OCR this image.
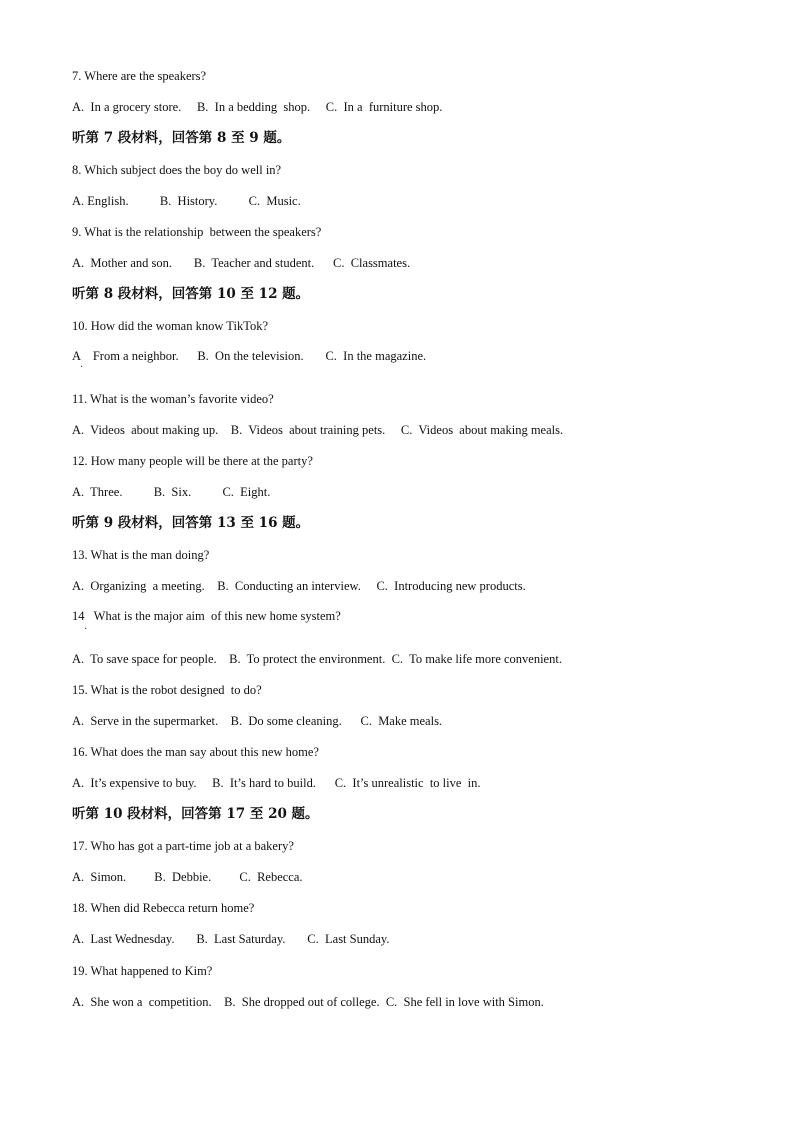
7. Where are the speakers?
A.  In a grocery store.     B.  In a bedding  shop.     C.  In a  furniture shop.
听第 7 段材料，回答第 8 至 9 题。
8. Which subject does the boy do well in?
A. English.          B.  History.          C.  Music.
9. What is the relationship  between the speakers?
A.  Mother and son.       B.  Teacher and student.      C.  Classmates.
听第 8 段材料，回答第 10 至 12 题。
10. How did the woman know TikTok?
A    From a neighbor.      B.  On the television.       C.  In the magazine.
·
11. What is the woman’s favorite video?
A.  Videos  about making up.    B.  Videos  about training pets.     C.  Videos  about making meals.
12. How many people will be there at the party?
A.  Three.          B.  Six.          C.  Eight.
听第 9 段材料，回答第 13 至 16 题。
13. What is the man doing?
A.  Organizing  a meeting.    B.  Conducting an interview.     C.  Introducing new products.
14   What is the major aim  of this new home system?
·
A.  To save space for people.    B.  To protect the environment.  C.  To make life more convenient.
15. What is the robot designed  to do?
A.  Serve in the supermarket.    B.  Do some cleaning.      C.  Make meals.
16. What does the man say about this new home?
A.  It’s expensive to buy.     B.  It’s hard to build.      C.  It’s unrealistic  to live  in.
听第 10 段材料，回答第 17 至 20 题。
17. Who has got a part-time job at a bakery?
A.  Simon.         B.  Debbie.         C.  Rebecca.
18. When did Rebecca return home?
A.  Last Wednesday.       B.  Last Saturday.       C.  Last Sunday.
19. What happened to Kim?
A.  She won a  competition.    B.  She dropped out of college.  C.  She fell in love with Simon.
